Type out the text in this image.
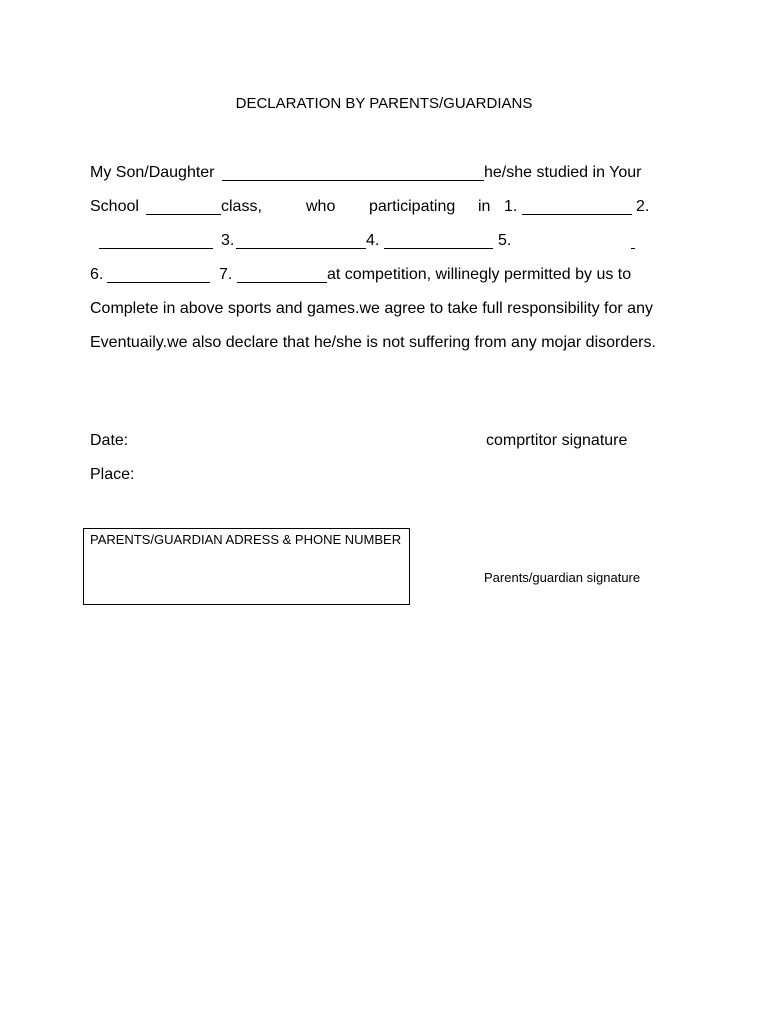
DECLARATION BY PARENTS/GUARDIANS
My Son/Daughter	he/she studied in Your
School	class,	who participating in 1.	2.
3.	4.	5.
6.	7.	at competition, willinegly permitted by us to
Complete in above sports and games.we agree to take full responsibility for any
Eventuaily.we also declare that he/she is not suffering from any mojar disorders.
Date:	comprtitor signature
Place:
PARENTS/GUARDIAN ADRESS & PHONE NUMBER
Parents/guardian signature
